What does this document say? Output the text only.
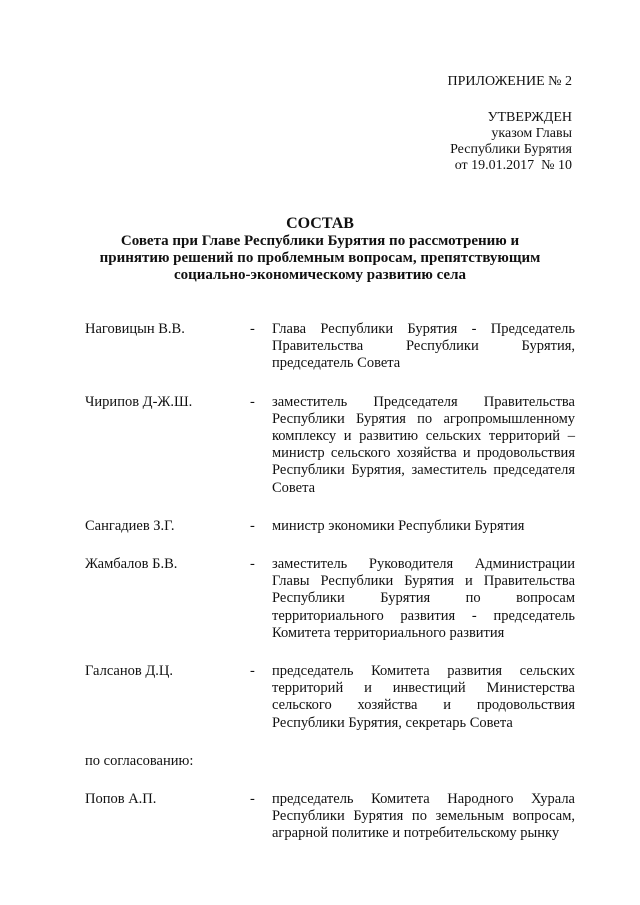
ПРИЛОЖЕНИЕ № 2
УТВЕРЖДЕН
указом Главы
Республики Бурятия
от 19.01.2017  № 10
СОСТАВ
Совета при Главе Республики Бурятия по рассмотрению и
принятию решений по проблемным вопросам, препятствующим
социально-экономическому развитию села
Наговицын В.В.	-	Глава Республики Бурятия - Председатель Правительства Республики Бурятия, председатель Совета
Чирипов Д-Ж.Ш.	-	заместитель Председателя Правительства Республики Бурятия по агропромышленному комплексу и развитию сельских территорий – министр сельского хозяйства и продовольствия Республики Бурятия, заместитель председателя Совета
Сангадиев З.Г.	-	министр экономики Республики Бурятия
Жамбалов Б.В.	-	заместитель Руководителя Администрации Главы Республики Бурятия и Правительства Республики Бурятия по вопросам территориального развития - председатель Комитета территориального развития
Галсанов Д.Ц.	-	председатель Комитета развития сельских территорий и инвестиций Министерства сельского хозяйства и продовольствия Республики Бурятия, секретарь Совета
по согласованию:
Попов А.П.	-	председатель Комитета Народного Хурала Республики Бурятия по земельным вопросам, аграрной политике и потребительскому рынку
